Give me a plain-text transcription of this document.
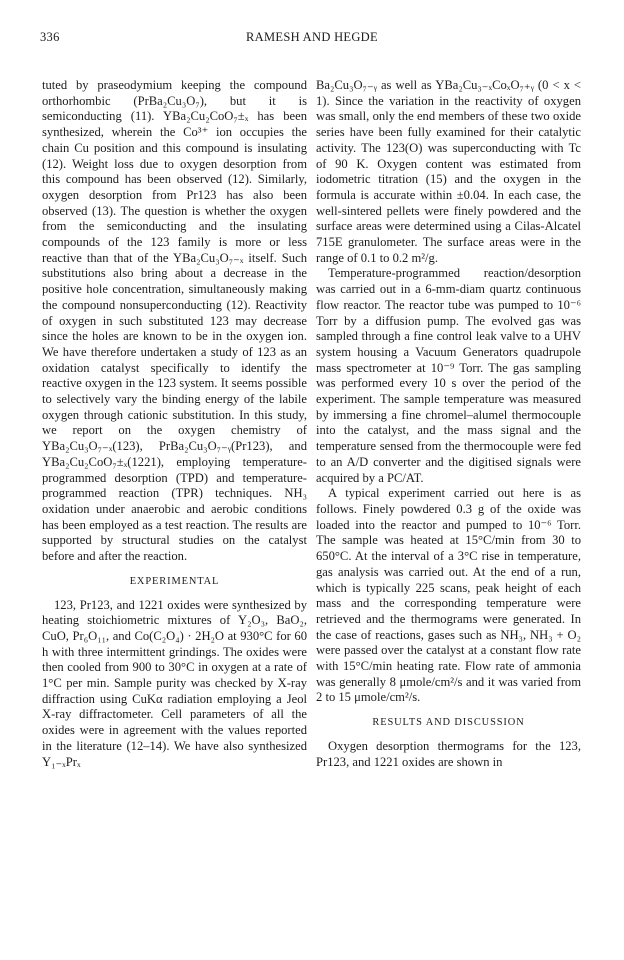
336	RAMESH AND HEGDE

tuted by praseodymium keeping the compound orthorhombic (PrBa₂Cu₃O₇), but it is semiconducting (11). YBa₂Cu₂CoO₇±ₓ has been synthesized, wherein the Co³⁺ ion occupies the chain Cu position and this compound is insulating (12). Weight loss due to oxygen desorption from this compound has been observed (12). Similarly, oxygen desorption from Pr123 has also been observed (13). The question is whether the oxygen from the semiconducting and the insulating compounds of the 123 family is more or less reactive than that of the YBa₂Cu₃O₇₋ₓ itself. Such substitutions also bring about a decrease in the positive hole concentration, simultaneously making the compound nonsuperconducting (12). Reactivity of oxygen in such substituted 123 may decrease since the holes are known to be in the oxygen ion. We have therefore undertaken a study of 123 as an oxidation catalyst specifically to identify the reactive oxygen in the 123 system. It seems possible to selectively vary the binding energy of the labile oxygen through cationic substitution. In this study, we report on the oxygen chemistry of YBa₂Cu₃O₇₋ₓ(123), PrBa₂Cu₃O₇₋ᵧ(Pr123), and YBa₂Cu₂CoO₇±ₓ(1221), employing temperature-programmed desorption (TPD) and temperature-programmed reaction (TPR) techniques. NH₃ oxidation under anaerobic and aerobic conditions has been employed as a test reaction. The results are supported by structural studies on the catalyst before and after the reaction.

EXPERIMENTAL

123, Pr123, and 1221 oxides were synthesized by heating stoichiometric mixtures of Y₂O₃, BaO₂, CuO, Pr₆O₁₁, and Co(C₂O₄) · 2H₂O at 930°C for 60 h with three intermittent grindings. The oxides were then cooled from 900 to 30°C in oxygen at a rate of 1°C per min. Sample purity was checked by X-ray diffraction using CuKα radiation employing a Jeol X-ray diffractometer. Cell parameters of all the oxides were in agreement with the values reported in the literature (12–14). We have also synthesized Y₁₋ₓPrₓ

Ba₂Cu₃O₇₋ᵧ as well as YBa₂Cu₃₋ₓCoₓO₇₊ᵧ (0 < x < 1). Since the variation in the reactivity of oxygen was small, only the end members of these two oxide series have been fully examined for their catalytic activity. The 123(O) was superconducting with Tc of 90 K. Oxygen content was estimated from iodometric titration (15) and the oxygen in the formula is accurate within ±0.04. In each case, the well-sintered pellets were finely powdered and the surface areas were determined using a Cilas-Alcatel 715E granulometer. The surface areas were in the range of 0.1 to 0.2 m²/g.

Temperature-programmed reaction/desorption was carried out in a 6-mm-diam quartz continuous flow reactor. The reactor tube was pumped to 10⁻⁶ Torr by a diffusion pump. The evolved gas was sampled through a fine control leak valve to a UHV system housing a Vacuum Generators quadrupole mass spectrometer at 10⁻⁹ Torr. The gas sampling was performed every 10 s over the period of the experiment. The sample temperature was measured by immersing a fine chromel–alumel thermocouple into the catalyst, and the mass signal and the temperature sensed from the thermocouple were fed to an A/D converter and the digitised signals were acquired by a PC/AT.

A typical experiment carried out here is as follows. Finely powdered 0.3 g of the oxide was loaded into the reactor and pumped to 10⁻⁶ Torr. The sample was heated at 15°C/min from 30 to 650°C. At the interval of a 3°C rise in temperature, gas analysis was carried out. At the end of a run, which is typically 225 scans, peak height of each mass and the corresponding temperature were retrieved and the thermograms were generated. In the case of reactions, gases such as NH₃, NH₃ + O₂ were passed over the catalyst at a constant flow rate with 15°C/min heating rate. Flow rate of ammonia was generally 8 μmole/cm²/s and it was varied from 2 to 15 μmole/cm²/s.

RESULTS AND DISCUSSION

Oxygen desorption thermograms for the 123, Pr123, and 1221 oxides are shown in
